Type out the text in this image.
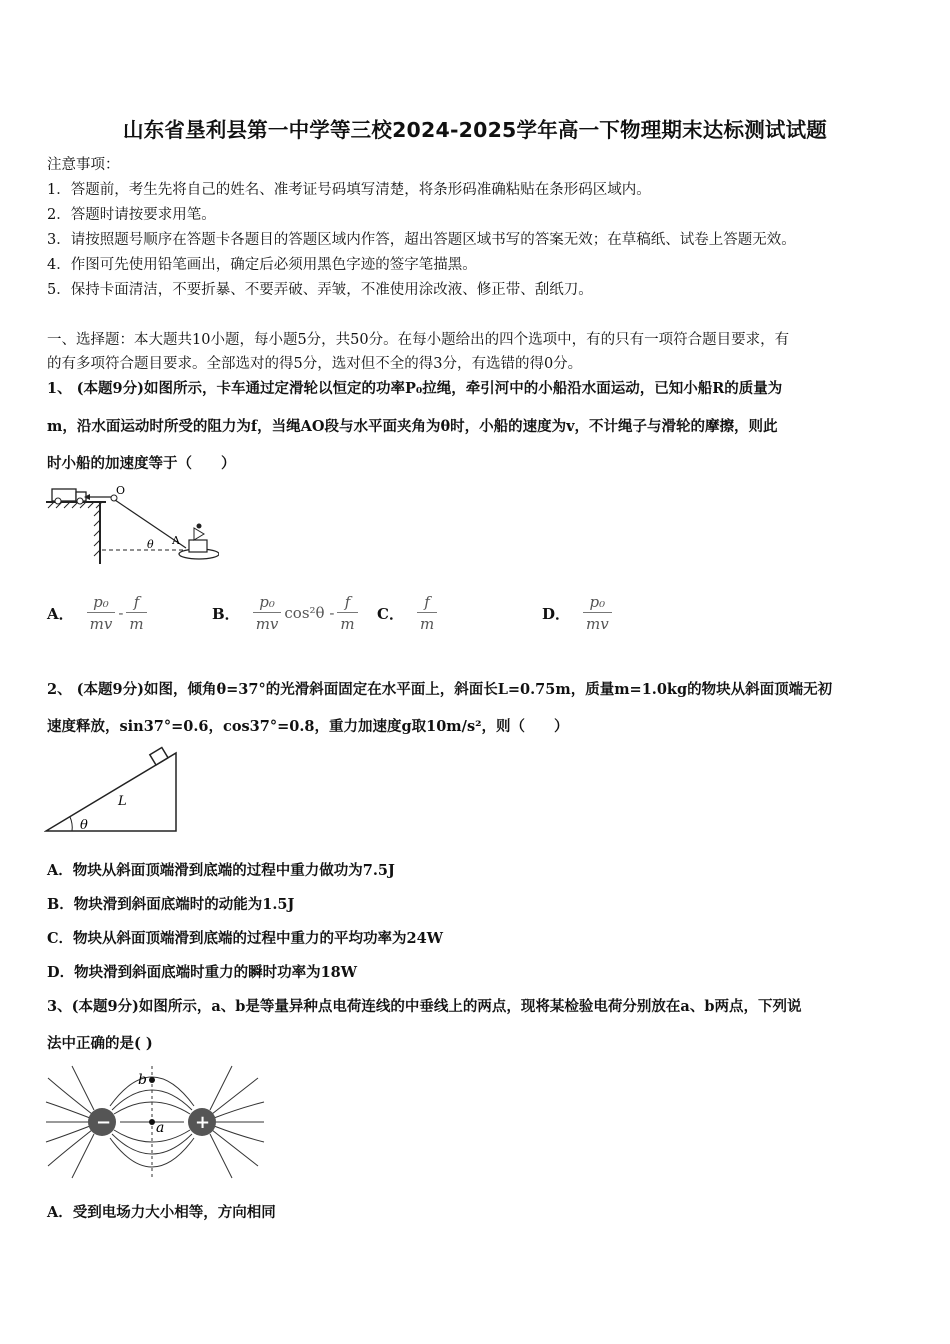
山东省垦利县第一中学等三校2024-2025学年高一下物理期末达标测试试题
注意事项：
1．答题前，考生先将自己的姓名、准考证号码填写清楚，将条形码准确粘贴在条形码区域内。
2．答题时请按要求用笔。
3．请按照题号顺序在答题卡各题目的答题区域内作答，超出答题区域书写的答案无效；在草稿纸、试卷上答题无效。
4．作图可先使用铅笔画出，确定后必须用黑色字迹的签字笔描黑。
5．保持卡面清洁，不要折暴、不要弄破、弄皱，不准使用涂改液、修正带、刮纸刀。
一、选择题：本大题共10小题，每小题5分，共50分。在每小题给出的四个选项中，有的只有一项符合题目要求，有
的有多项符合题目要求。全部选对的得5分，选对但不全的得3分，有选错的得0分。
1、 (本题9分)如图所示，卡车通过定滑轮以恒定的功率P₀拉绳，牵引河中的小船沿水面运动，已知小船R的质量为
m，沿水面运动时所受的阻力为f，当绳AO段与水平面夹角为θ时，小船的速度为v，不计绳子与滑轮的摩擦，则此
时小船的加速度等于（　　）
O
θ A
A． $\frac{\text{p₀}}{mv} - \frac{f}{m}$	B． $\frac{\text{p₀}}{mv} \cos^2\theta - \frac{f}{m}$ C． $\frac{f}{m}$	D． $\frac{\text{p₀}}{mv}$
2、 (本题9分)如图，倾角θ=37°的光滑斜面固定在水平面上，斜面长L=0.75m，质量m=1.0kg的物块从斜面顶端无初
速度释放，sin37°=0.6，cos37°=0.8，重力加速度g取10m/s²，则（　　）
θ
L
A．物块从斜面顶端滑到底端的过程中重力做功为7.5J
B．物块滑到斜面底端时的动能为1.5J
C．物块从斜面顶端滑到底端的过程中重力的平均功率为24W
D．物块滑到斜面底端时重力的瞬时功率为18W
3、(本题9分)如图所示，a、b是等量异种点电荷连线的中垂线上的两点，现将某检验电荷分别放在a、b两点，下列说
法中正确的是( )
−	+
a
b
A．受到电场力大小相等，方向相同
